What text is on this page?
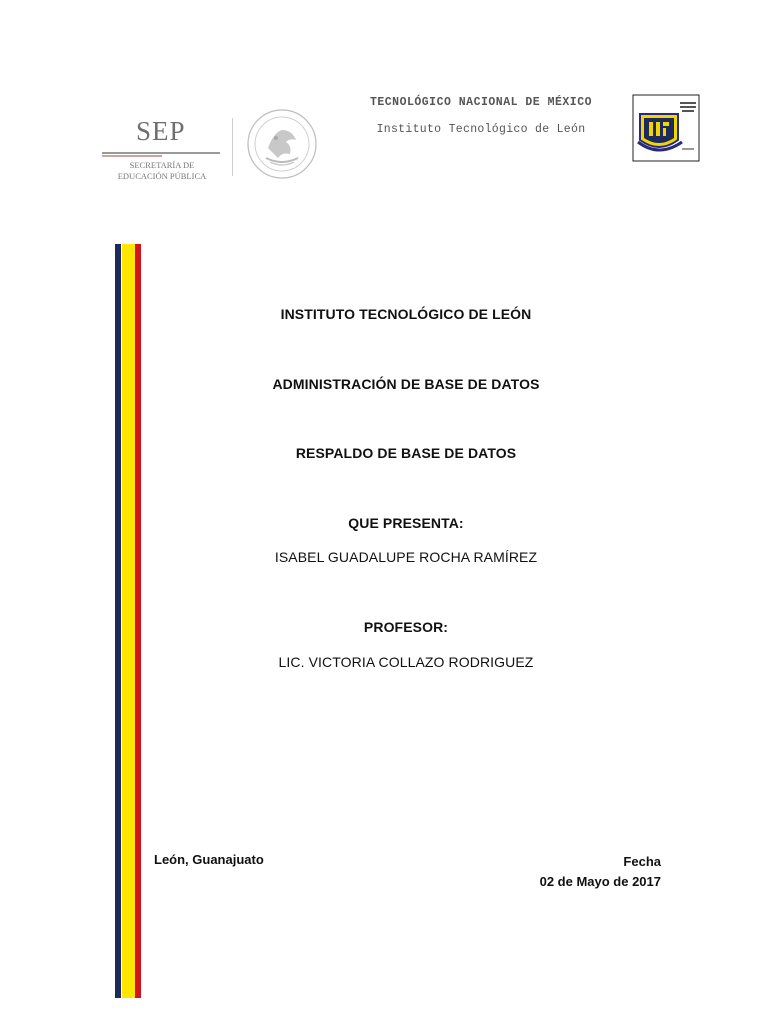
SEP
SECRETARÍA DE
EDUCACIÓN PÚBLICA
TECNOLÓGICO NACIONAL DE MÉXICO
Instituto Tecnológico de León
INSTITUTO TECNOLÓGICO DE LEÓN
ADMINISTRACIÓN DE BASE DE DATOS
RESPALDO DE BASE DE DATOS
QUE PRESENTA:
ISABEL GUADALUPE ROCHA RAMÍREZ
PROFESOR:
LIC. VICTORIA COLLAZO RODRIGUEZ
León, Guanajuato	Fecha
02 de Mayo de 2017
